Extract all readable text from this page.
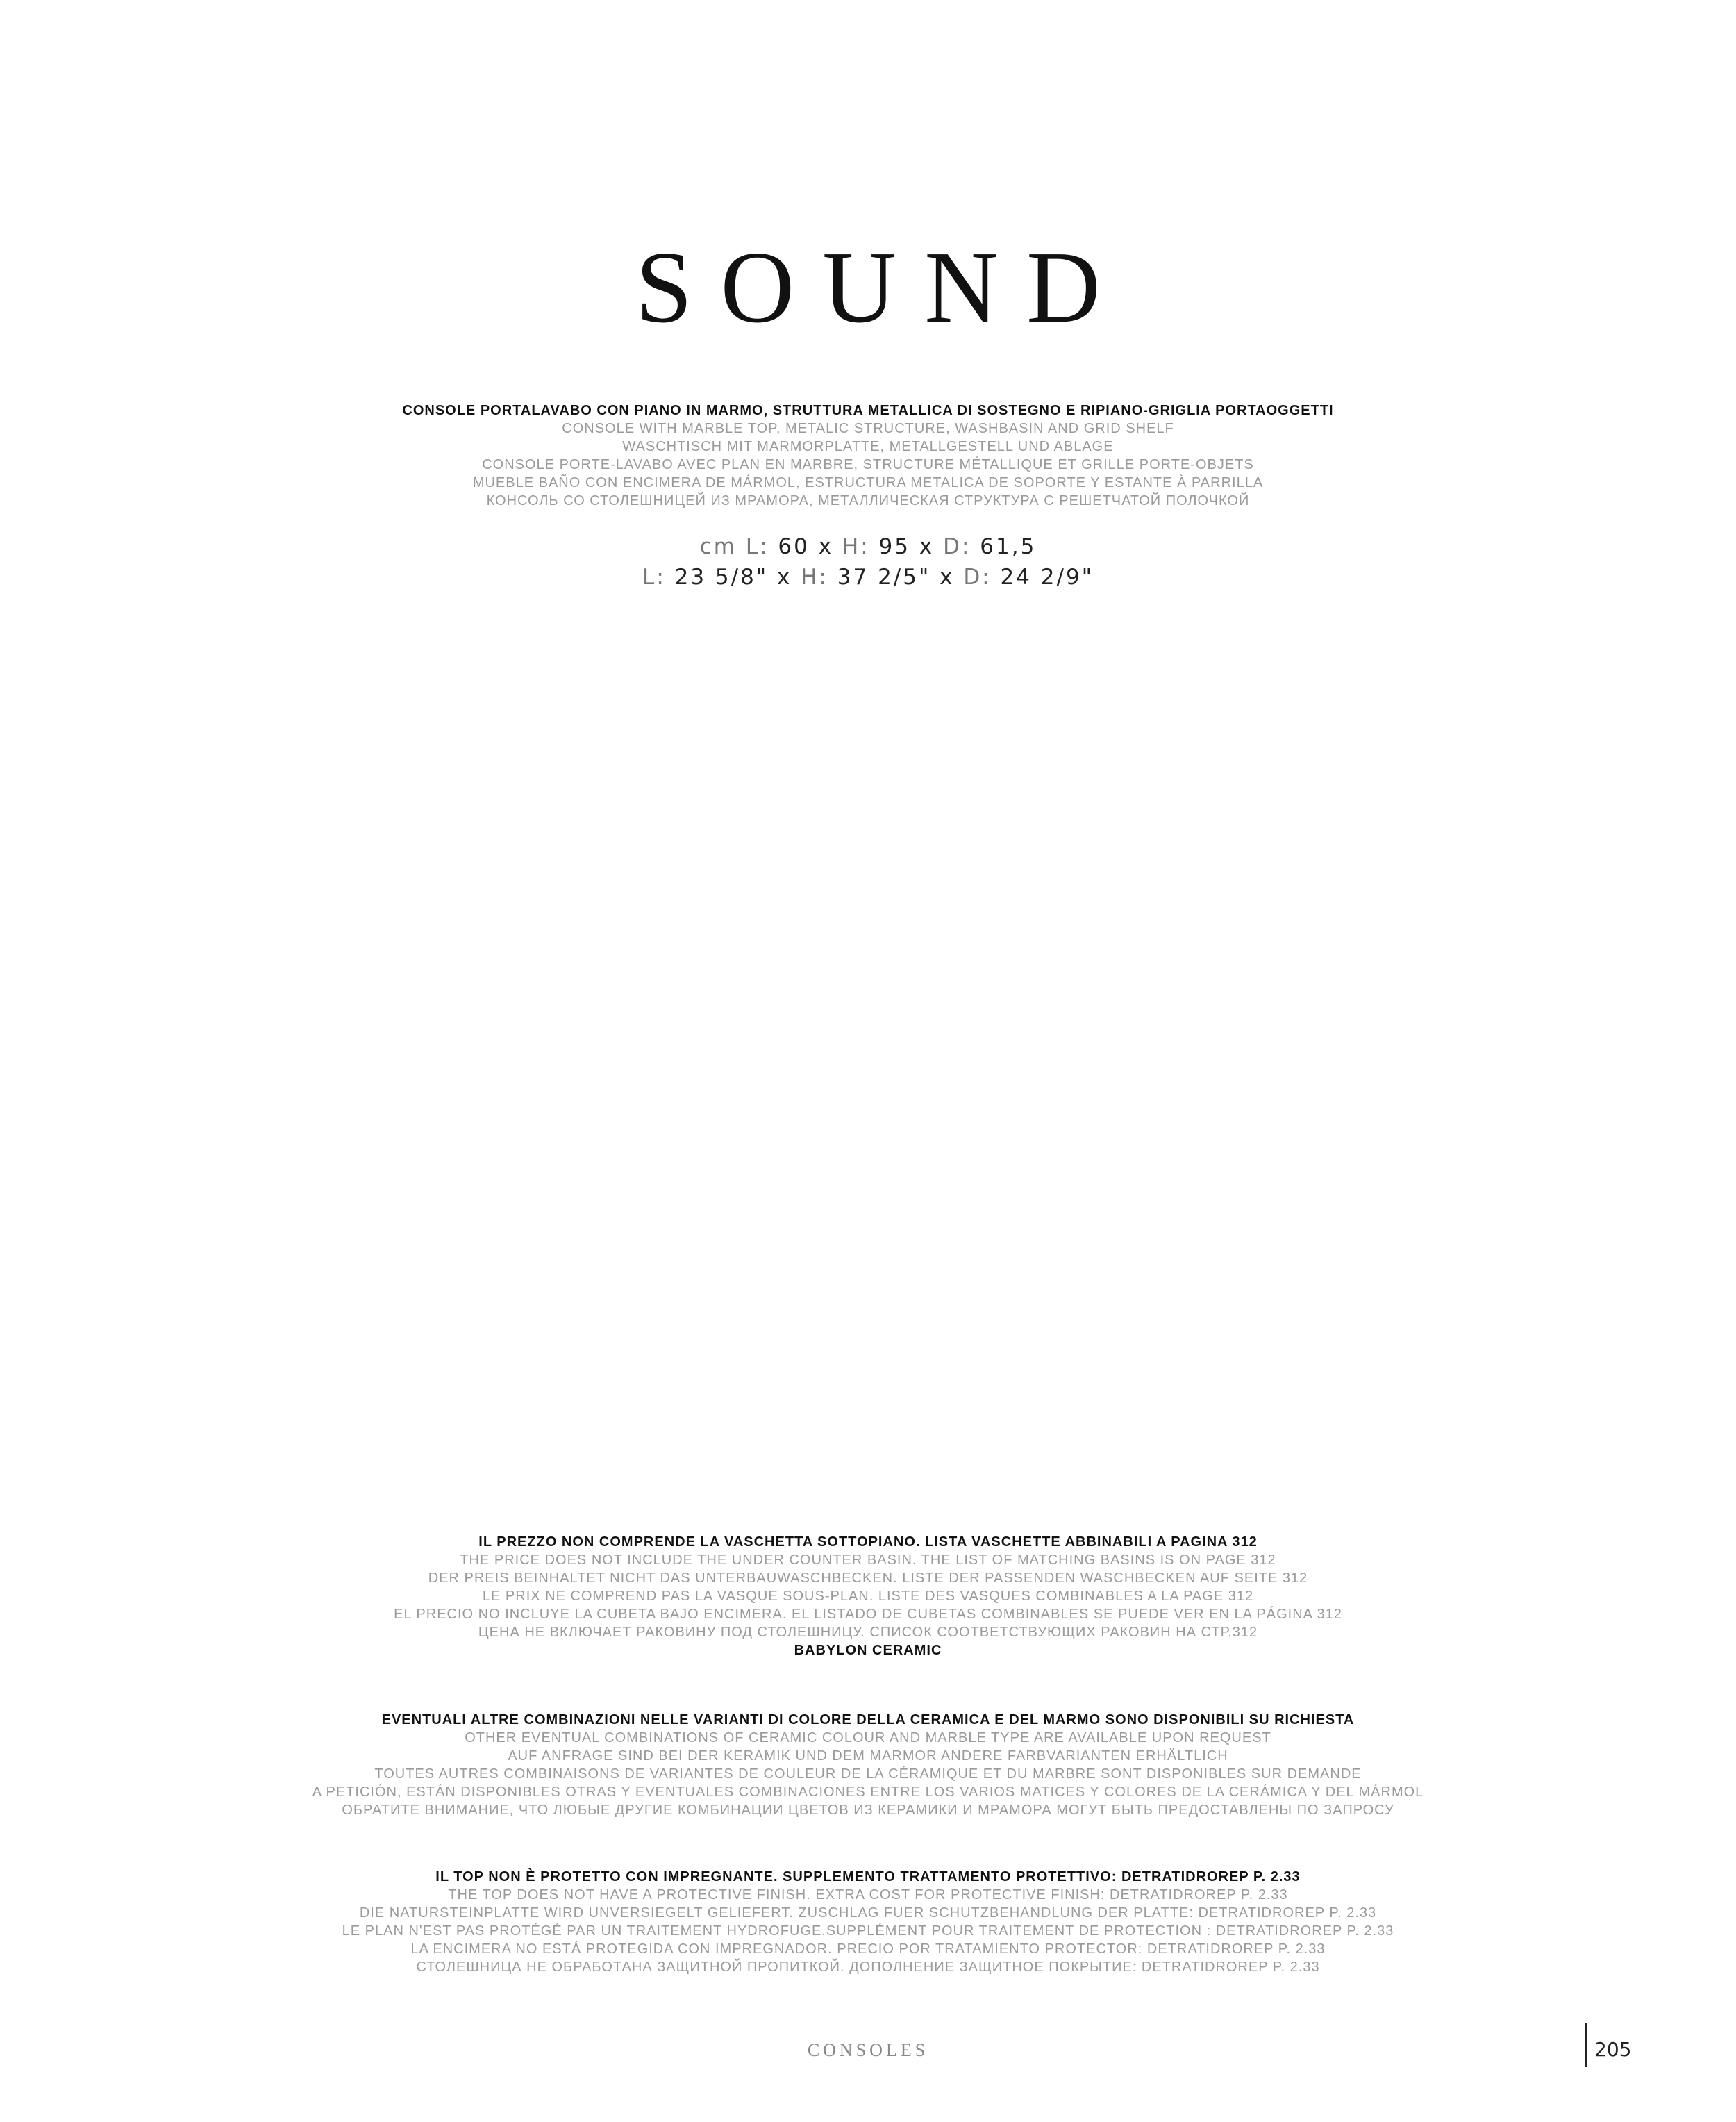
SOUND
CONSOLE PORTALAVABO CON PIANO IN MARMO, STRUTTURA METALLICA DI SOSTEGNO E RIPIANO-GRIGLIA PORTAOGGETTI
CONSOLE WITH MARBLE TOP, METALIC STRUCTURE, WASHBASIN AND GRID SHELF
WASCHTISCH MIT MARMORPLATTE, METALLGESTELL UND ABLAGE
CONSOLE PORTE-LAVABO AVEC PLAN EN MARBRE, STRUCTURE MÉTALLIQUE ET GRILLE PORTE-OBJETS
MUEBLE BAÑO CON ENCIMERA DE MÁRMOL, ESTRUCTURA METALICA DE SOPORTE Y ESTANTE À PARRILLA
КОНСОЛЬ СО СТОЛЕШНИЦЕЙ ИЗ МРАМОРА, МЕТАЛЛИЧЕСКАЯ СТРУКТУРА С РЕШЕТЧАТОЙ ПОЛОЧКОЙ
cm L: 60 x H: 95 x D: 61,5
L: 23 5/8" x H: 37 2/5" x D: 24 2/9"
IL PREZZO NON COMPRENDE LA VASCHETTA SOTTOPIANO. LISTA VASCHETTE ABBINABILI A PAGINA 312
THE PRICE DOES NOT INCLUDE THE UNDER COUNTER BASIN. THE LIST OF MATCHING BASINS IS ON PAGE 312
DER PREIS BEINHALTET NICHT DAS UNTERBAUWASCHBECKEN. LISTE DER PASSENDEN WASCHBECKEN AUF SEITE 312
LE PRIX NE COMPREND PAS LA VASQUE SOUS-PLAN. LISTE DES VASQUES COMBINABLES A LA PAGE 312
EL PRECIO NO INCLUYE LA CUBETA BAJO ENCIMERA. EL LISTADO DE CUBETAS COMBINABLES SE PUEDE VER EN LA PÁGINA 312
ЦЕНА НЕ ВКЛЮЧАЕТ РАКОВИНУ ПОД СТОЛЕШНИЦУ. СПИСОК СООТВЕТСТВУЮЩИХ РАКОВИН НА СТР.312
BABYLON CERAMIC
EVENTUALI ALTRE COMBINAZIONI NELLE VARIANTI DI COLORE DELLA CERAMICA E DEL MARMO SONO DISPONIBILI SU RICHIESTA
OTHER EVENTUAL COMBINATIONS OF CERAMIC COLOUR AND MARBLE TYPE ARE AVAILABLE UPON REQUEST
AUF ANFRAGE SIND BEI DER KERAMIK UND DEM MARMOR ANDERE FARBVARIANTEN ERHÄLTLICH
TOUTES AUTRES COMBINAISONS DE VARIANTES DE COULEUR DE LA CÉRAMIQUE ET DU MARBRE SONT DISPONIBLES SUR DEMANDE
A PETICIÓN, ESTÁN DISPONIBLES OTRAS Y EVENTUALES COMBINACIONES ENTRE LOS VARIOS MATICES Y COLORES DE LA CERÁMICA Y DEL MÁRMOL
ОБРАТИТЕ ВНИМАНИЕ, ЧТО ЛЮБЫЕ ДРУГИЕ КОМБИНАЦИИ ЦВЕТОВ ИЗ КЕРАМИКИ И МРАМОРА МОГУТ БЫТЬ ПРЕДОСТАВЛЕНЫ ПО ЗАПРОСУ
IL TOP NON È PROTETTO CON IMPREGNANTE. SUPPLEMENTO TRATTAMENTO PROTETTIVO: DETRATIDROREP P. 2.33
THE TOP DOES NOT HAVE A PROTECTIVE FINISH. EXTRA COST FOR PROTECTIVE FINISH: DETRATIDROREP P. 2.33
DIE NATURSTEINPLATTE WIRD UNVERSIEGELT GELIEFERT. ZUSCHLAG FUER SCHUTZBEHANDLUNG DER PLATTE: DETRATIDROREP P. 2.33
LE PLAN N'EST PAS PROTÉGÉ PAR UN TRAITEMENT HYDROFUGE.SUPPLÉMENT POUR TRAITEMENT DE PROTECTION : DETRATIDROREP P. 2.33
LA ENCIMERA NO ESTÁ PROTEGIDA CON IMPREGNADOR. PRECIO POR TRATAMIENTO PROTECTOR: DETRATIDROREP P. 2.33
СТОЛЕШНИЦА НЕ ОБРАБОТАНА ЗАЩИТНОЙ ПРОПИТКОЙ. ДОПОЛНЕНИЕ ЗАЩИТНОЕ ПОКРЫТИЕ: DETRATIDROREP P. 2.33
CONSOLES	205
